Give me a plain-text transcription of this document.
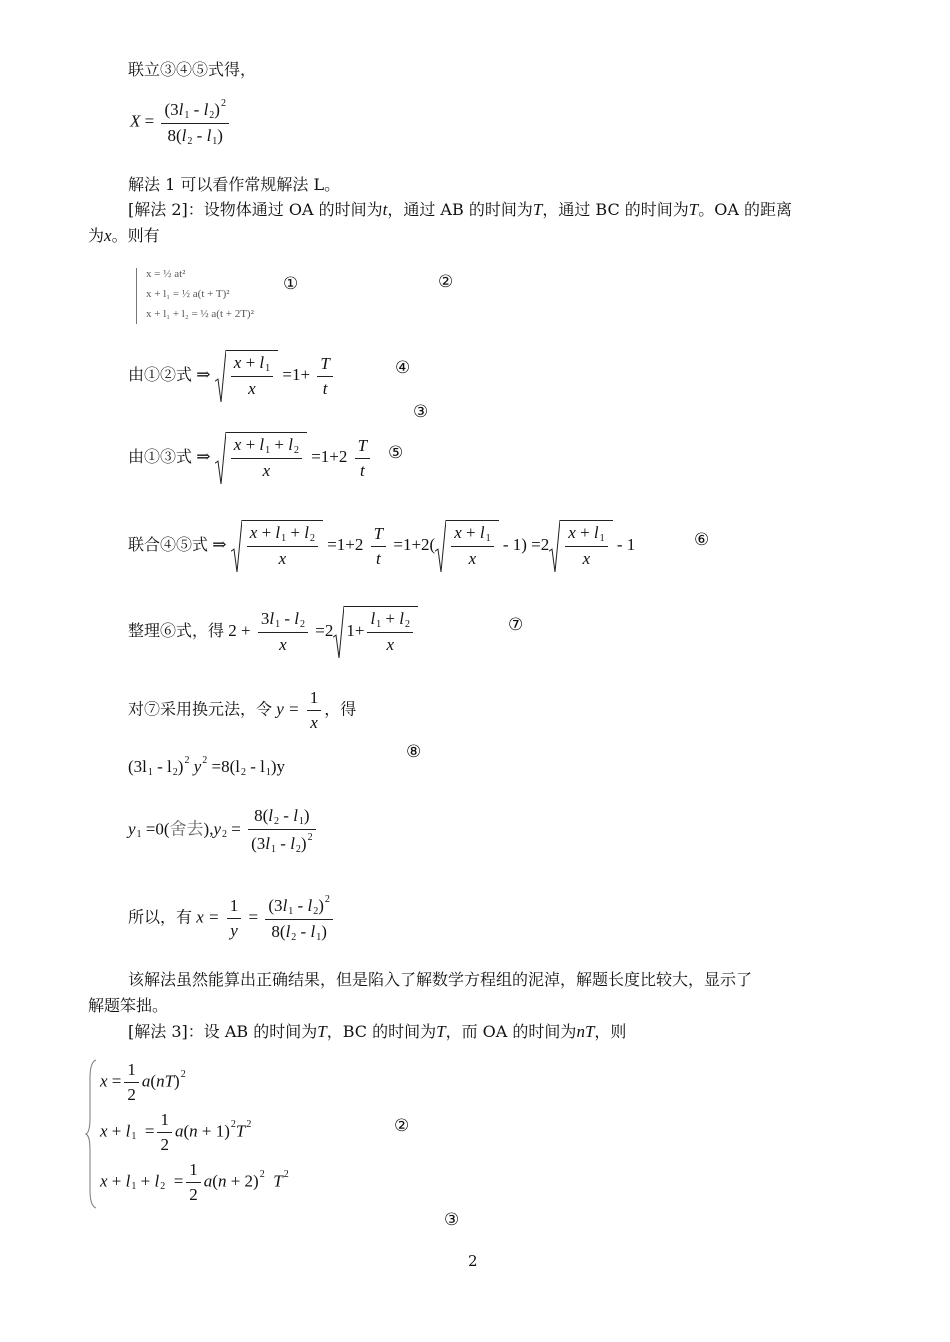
联立③④⑤式得，
$X = \frac{(3l_1 - l_2)^2}{8(l_2 - l_1)}$
解法 1 可以看作常规解法 L。
[解法 2]：设物体通过 OA 的时间为t，通过 AB 的时间为T，通过 BC 的时间为T。OA 的距离
为x。则有
x = ½ at²
x + l₁ = ½ a(t + T)²
x + l₁ + l₂ = ½ a(t + 2T)²
①	②
由①②式 ⇒ $\frac{x + l_1}{x} =1+ \frac{T}{t}$	④
③
由①③式 ⇒ $\frac{x + l_1 + l_2}{x} =1+2 \frac{T}{t}$ ⑤
联合④⑤式 ⇒ $\frac{x + l_1 + l_2}{x} =1+2 \frac{T}{t} =1+2( \frac{x + l_1}{x} - 1) =2 \frac{x + l_1}{x} - 1$	⑥
整理⑥式，得 $2 + \frac{3l_1 - l_2}{x} =2$ $1+ \frac{l_1 + l_2}{x}$	⑦
对⑦采用换元法，令 $y = \frac{1}{x}$ ，得
$(3l_1 - l_2)^2$ $y^2 =8(l_2 - l_1)y$
⑧
$y_1 =0$(舍去)$,y_2 = \frac{8(l_2 - l_1)}{(3l_1 - l_2)^2}$
所以，有 $x = \frac{1}{y} = \frac{(3l_1 - l_2)^2}{8(l_2 - l_1)}$
该解法虽然能算出正确结果，但是陷入了解数学方程组的泥淖，解题长度比较大，显示了
解题笨拙。
[解法 3]：设 AB 的时间为T，BC 的时间为T，而 OA 的时间为nT，则
$x = \frac{1}{2} a(nT)^2$
$x + l_1 = \frac{1}{2} a(n + 1)^2T^2$
$x + l_1 + l_2 = \frac{1}{2} a(n + 2)^2$ $T^2$
②
③
2
